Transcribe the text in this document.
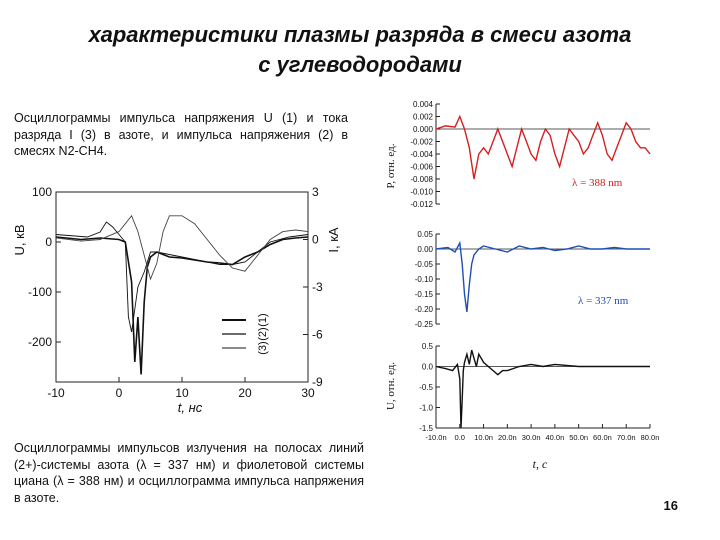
характеристики плазмы разряда в смеси азота
с углеводородами
-10	0	10	20	30
100
0
-100
-200
3
0
-3
-6
-9
(1)
(2)
(3)
U, кВ	I, кА
t, нс
Осциллограммы импульса напряжения U (1) и тока разряда I (3) в азоте, и импульса напряжения (2) в смесях N2-CH4.
0.004
0.002
0.000
-0.002
-0.004
-0.006
-0.008
-0.010
-0.012
λ = 388 nm
0.05
0.00
-0.05
-0.10
-0.15
-0.20
-0.25
λ = 337 nm
0.5
0.0
-0.5
-1.0
-1.5
-10.0n 0.0 10.0n 20.0n 30.0n 40.0n 50.0n 60.0n 70.0n 80.0n
P, отн. ед.
U, отн. ед.
t, с
Осциллограммы импульсов излучения на полосах линий (2+)-системы азота (λ = 337 нм) и фиолетовой системы циана (λ = 388 нм) и осциллограмма импульса напряжения в азоте.
16
